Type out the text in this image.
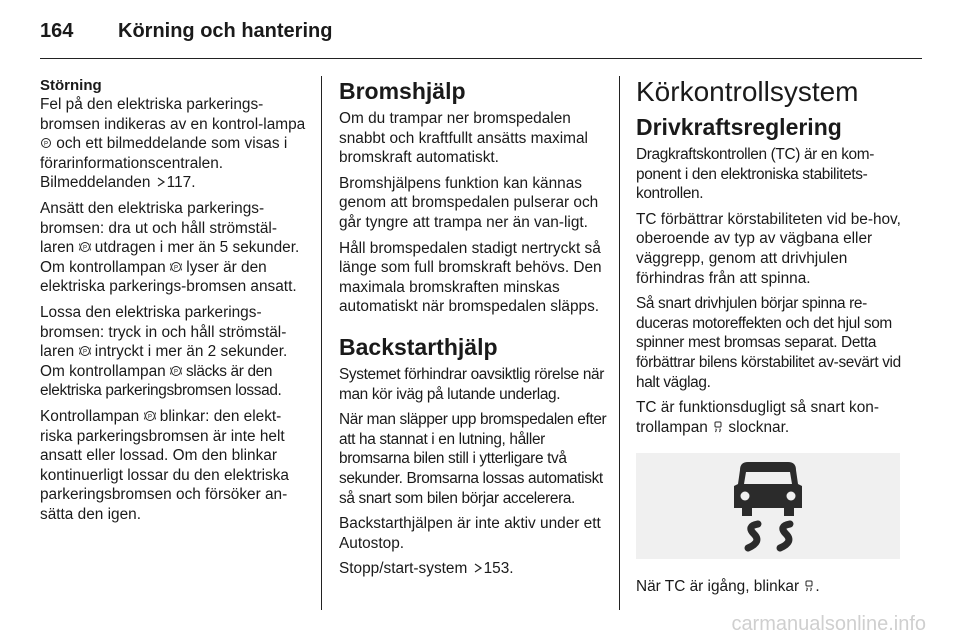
164	Körning och hantering
Störning

Fel på den elektriska parkerings-bromsen indikeras av en kontrol-lampa
P och ett bilmeddelande som visas i förarinformationscentralen. Bilmeddelanden 117.

Ansätt den elektriska parkerings-bromsen: dra ut och håll strömstäl-laren P utdragen i mer än 5 sekunder. Om kontrollampan P lyser är den elektriska parkerings-bromsen ansatt.

Lossa den elektriska parkerings-bromsen: tryck in och håll strömstäl-laren P intryckt i mer än 2 sekunder. Om kontrollampan P släcks är den elektriska parkeringsbromsen lossad.

Kontrollampan P blinkar: den elekt-riska parkeringsbromsen är inte helt ansatt eller lossad. Om den blinkar kontinuerligt lossar du den elektriska parkeringsbromsen och försöker an-sätta den igen.

Bromshjälp

Om du trampar ner bromspedalen snabbt och kraftfullt ansätts maximal bromskraft automatiskt.

Bromshjälpens funktion kan kännas genom att bromspedalen pulserar och går tyngre att trampa ner än van-ligt.

Håll bromspedalen stadigt nertryckt så länge som full bromskraft behövs. Den maximala bromskraften minskas automatiskt när bromspedalen släpps.

Backstarthjälp

Systemet förhindrar oavsiktlig rörelse när man kör iväg på lutande underlag.

När man släpper upp bromspedalen efter att ha stannat i en lutning, håller bromsarna bilen still i ytterligare två sekunder. Bromsarna lossas automatiskt så snart som bilen börjar accelerera.

Backstarthjälpen är inte aktiv under ett Autostop.

Stopp/start-system 153.

Körkontrollsystem
Drivkraftsreglering

Dragkraftskontrollen (TC) är en kom-ponent i den elektroniska stabilitets-kontrollen.

TC förbättrar körstabiliteten vid be-hov, oberoende av typ av vägbana eller väggrepp, genom att drivhjulen förhindras från att spinna.

Så snart drivhjulen börjar spinna re-duceras motoreffekten och det hjul som spinner mest bromsas separat. Detta förbättrar bilens körstabilitet av-sevärt vid halt väglag.

TC är funktionsdugligt så snart kon-trollampan  slocknar.

När TC är igång, blinkar .

carmanualsonline.info
